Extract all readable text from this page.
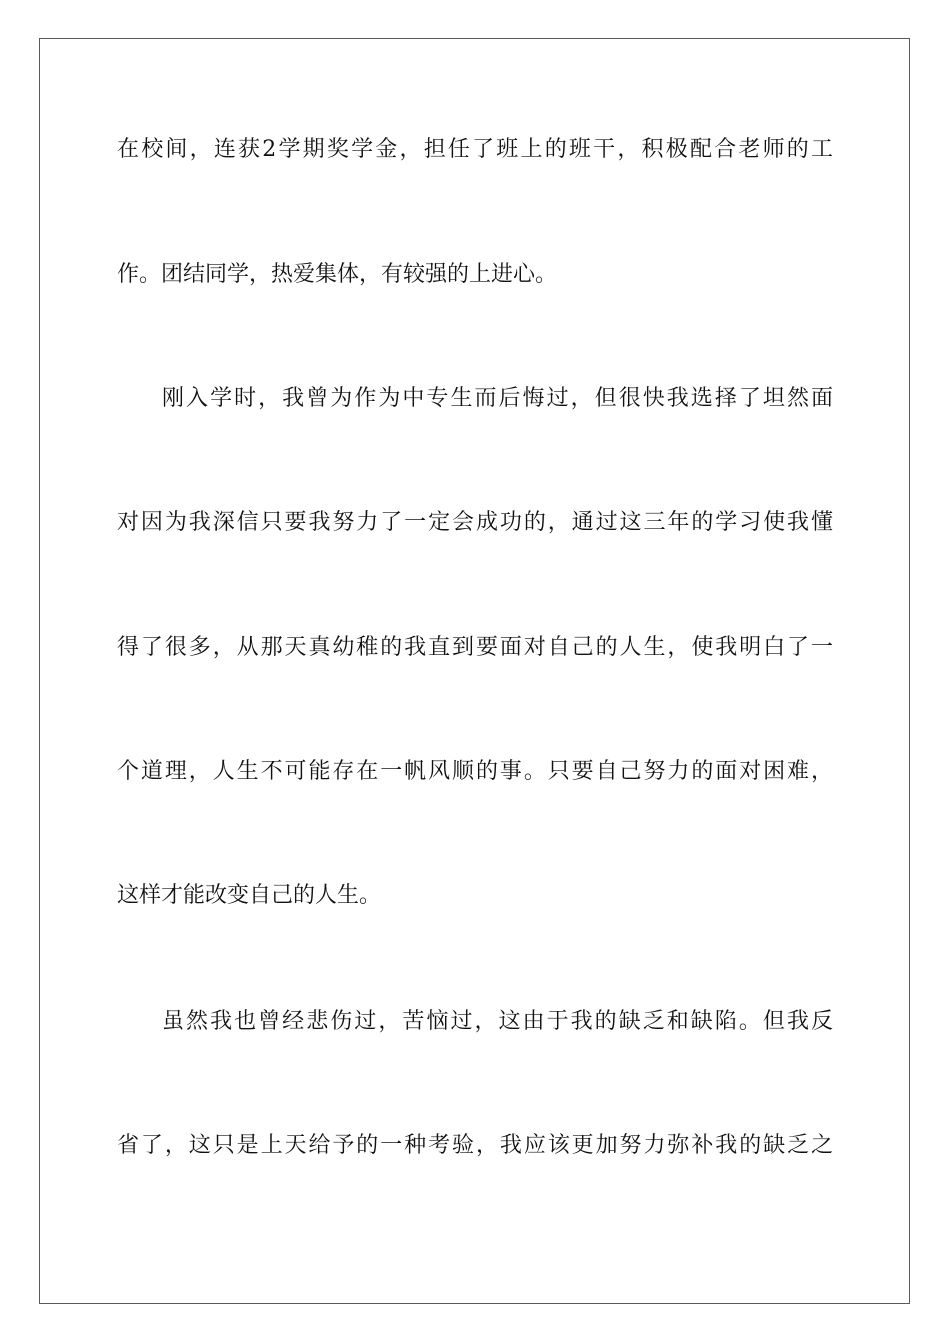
在校间，连获2学期奖学金，担任了班上的班干，积极配合老师的工
作。团结同学，热爱集体，有较强的上进心。
刚入学时，我曾为作为中专生而后悔过，但很快我选择了坦然面
对因为我深信只要我努力了一定会成功的，通过这三年的学习使我懂
得了很多，从那天真幼稚的我直到要面对自己的人生，使我明白了一
个道理，人生不可能存在一帆风顺的事。只要自己努力的面对困难，
这样才能改变自己的人生。
虽然我也曾经悲伤过，苦恼过，这由于我的缺乏和缺陷。但我反
省了，这只是上天给予的一种考验，我应该更加努力弥补我的缺乏之
